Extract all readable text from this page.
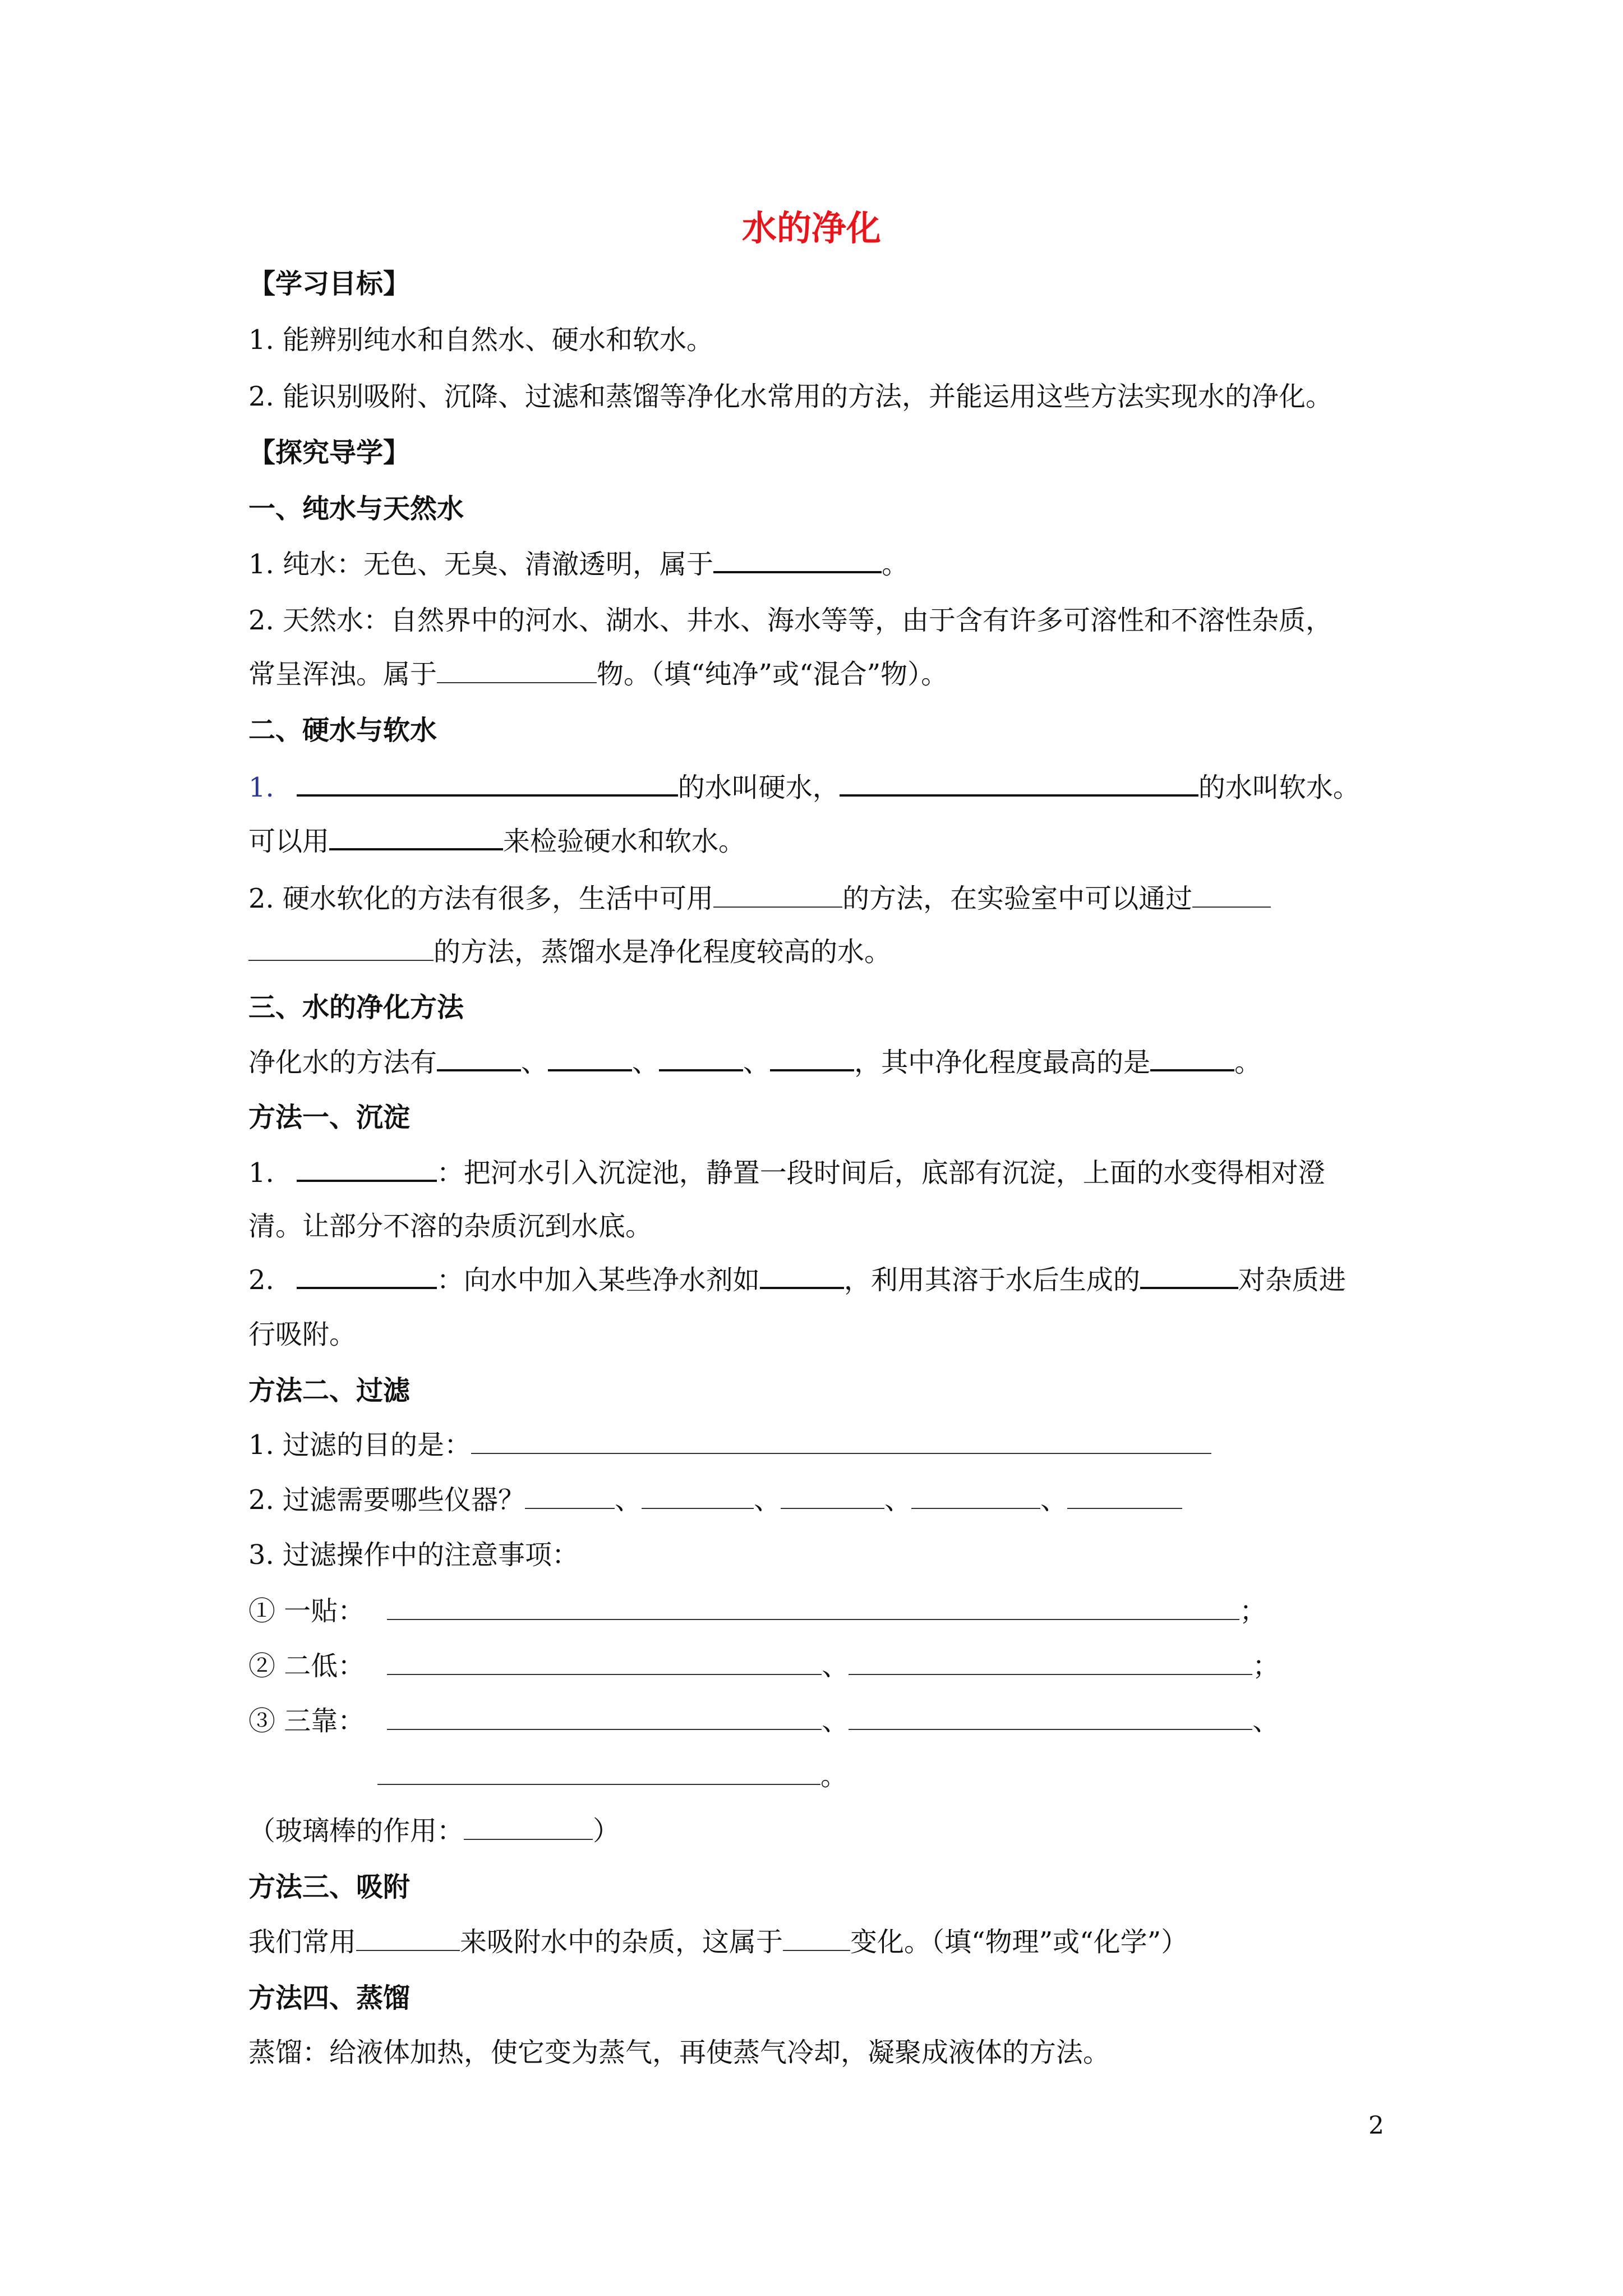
水的净化
【学习目标】
1. 能辨别纯水和自然水、硬水和软水。
2. 能识别吸附、沉降、过滤和蒸馏等净化水常用的方法，并能运用这些方法实现水的净化。
【探究导学】
一、纯水与天然水
1. 纯水：无色、无臭、清澈透明，属于	。
2. 天然水：自然界中的河水、湖水、井水、海水等等，由于含有许多可溶性和不溶性杂质，
常呈浑浊。属于	物。（填“纯净”或“混合”物）。
二、硬水与软水
1.	的水叫硬水，	的水叫软水。
可以用	来检验硬水和软水。
2. 硬水软化的方法有很多，生活中可用	的方法，在实验室中可以通过
的方法，蒸馏水是净化程度较高的水。
三、水的净化方法
净化水的方法有	、	、	、	，其中净化程度最高的是	。
方法一、沉淀
1.	：把河水引入沉淀池，静置一段时间后，底部有沉淀，上面的水变得相对澄
清。让部分不溶的杂质沉到水底。
2.	：向水中加入某些净水剂如	，利用其溶于水后生成的	对杂质进
行吸附。
方法二、过滤
1. 过滤的目的是：
2. 过滤需要哪些仪器？	、	、	、	、
3. 过滤操作中的注意事项：
① 一贴：	；
② 二低：	、	；
③ 三靠：	、	、
。
（玻璃棒的作用：	）
方法三、吸附
我们常用	来吸附水中的杂质，这属于	变化。（填“物理”或“化学”）
方法四、蒸馏
蒸馏：给液体加热，使它变为蒸气，再使蒸气冷却，凝聚成液体的方法。
2
